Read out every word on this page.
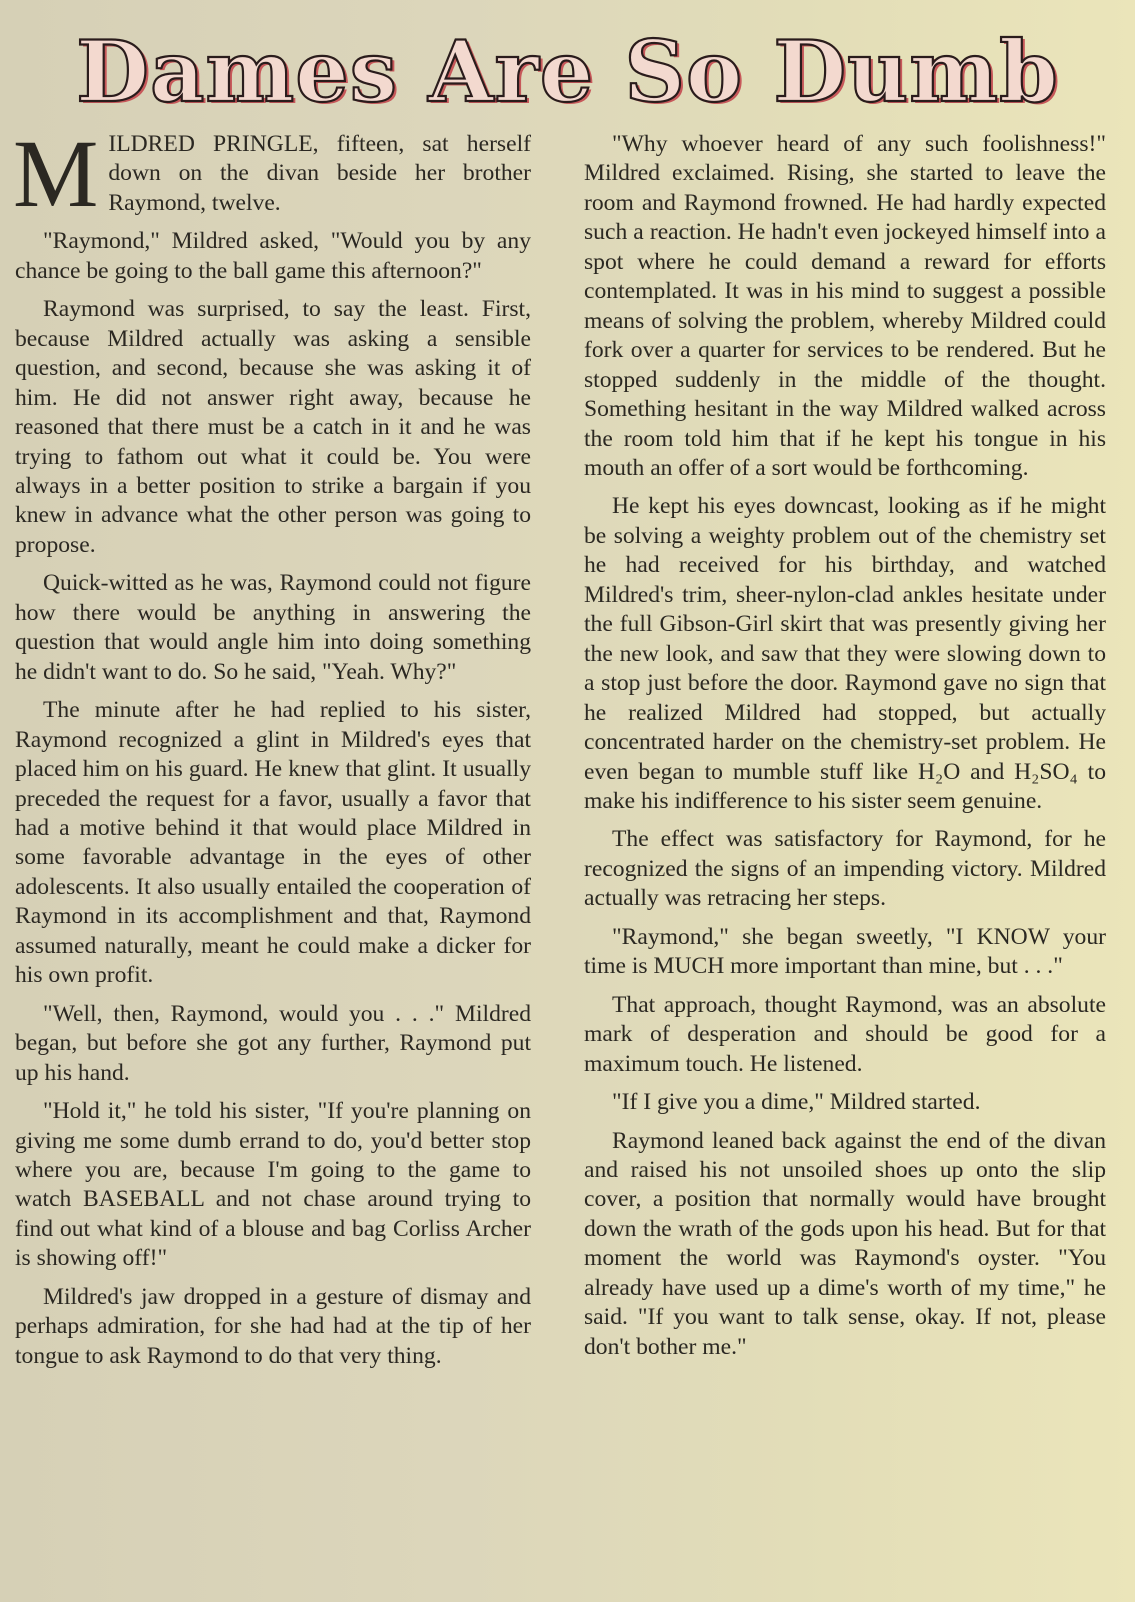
Dames Are So Dumb

MILDRED PRINGLE, fifteen, sat herself down on the divan beside her brother Raymond, twelve.

"Raymond," Mildred asked, "Would you by any chance be going to the ball game this afternoon?"

Raymond was surprised, to say the least. First, because Mildred actually was asking a sensible question, and second, because she was asking it of him. He did not answer right away, because he reasoned that there must be a catch in it and he was trying to fathom out what it could be. You were always in a better position to strike a bargain if you knew in advance what the other person was going to propose.

Quick-witted as he was, Raymond could not figure how there would be anything in answering the question that would angle him into doing something he didn't want to do. So he said, "Yeah. Why?"

The minute after he had replied to his sister, Raymond recognized a glint in Mildred's eyes that placed him on his guard. He knew that glint. It usually preceded the request for a favor, usually a favor that had a motive behind it that would place Mildred in some favorable advantage in the eyes of other adolescents. It also usually entailed the cooperation of Raymond in its accomplishment and that, Raymond assumed naturally, meant he could make a dicker for his own profit.

"Well, then, Raymond, would you . . ." Mildred began, but before she got any further, Raymond put up his hand.

"Hold it," he told his sister, "If you're planning on giving me some dumb errand to do, you'd better stop where you are, because I'm going to the game to watch BASEBALL and not chase around trying to find out what kind of a blouse and bag Corliss Archer is showing off!"

Mildred's jaw dropped in a gesture of dismay and perhaps admiration, for she had had at the tip of her tongue to ask Raymond to do that very thing.

"Why whoever heard of any such foolishness!" Mildred exclaimed. Rising, she started to leave the room and Raymond frowned. He had hardly expected such a reaction. He hadn't even jockeyed himself into a spot where he could demand a reward for efforts contemplated. It was in his mind to suggest a possible means of solving the problem, whereby Mildred could fork over a quarter for services to be rendered. But he stopped suddenly in the middle of the thought. Something hesitant in the way Mildred walked across the room told him that if he kept his tongue in his mouth an offer of a sort would be forthcoming.

He kept his eyes downcast, looking as if he might be solving a weighty problem out of the chemistry set he had received for his birthday, and watched Mildred's trim, sheer-nylon-clad ankles hesitate under the full Gibson-Girl skirt that was presently giving her the new look, and saw that they were slowing down to a stop just before the door. Raymond gave no sign that he realized Mildred had stopped, but actually concentrated harder on the chemistry-set problem. He even began to mumble stuff like H₂O and H₂SO₄ to make his indifference to his sister seem genuine.

The effect was satisfactory for Raymond, for he recognized the signs of an impending victory. Mildred actually was retracing her steps.

"Raymond," she began sweetly, "I KNOW your time is MUCH more important than mine, but . . ."

That approach, thought Raymond, was an absolute mark of desperation and should be good for a maximum touch. He listened.

"If I give you a dime," Mildred started.

Raymond leaned back against the end of the divan and raised his not unsoiled shoes up onto the slip cover, a position that normally would have brought down the wrath of the gods upon his head. But for that moment the world was Raymond's oyster. "You already have used up a dime's worth of my time," he said. "If you want to talk sense, okay. If not, please don't bother me."
